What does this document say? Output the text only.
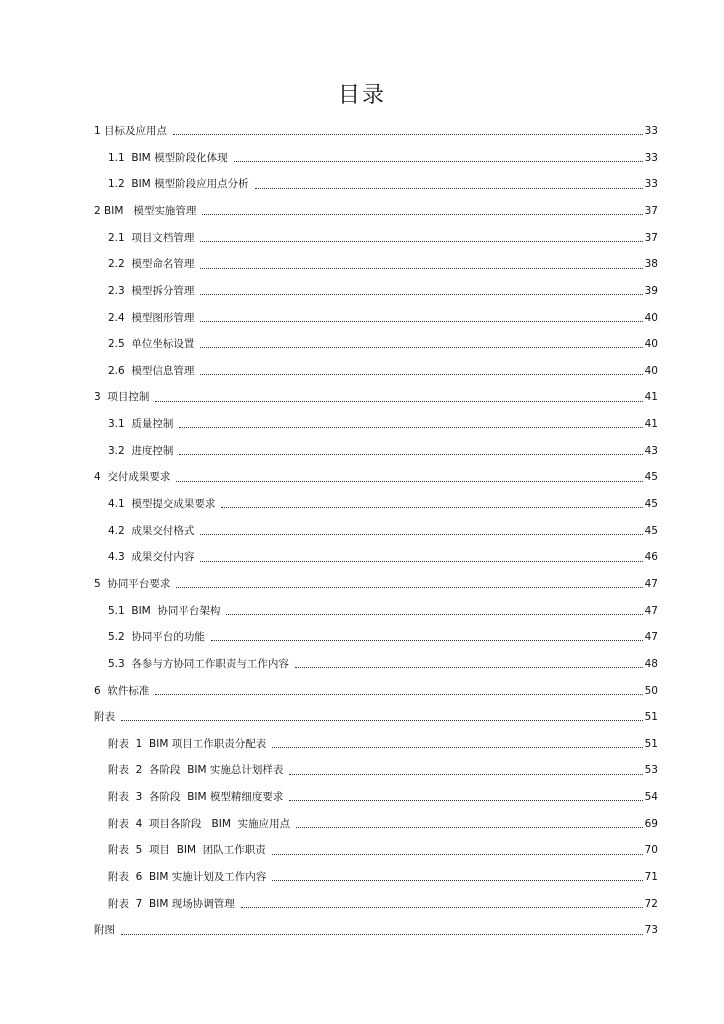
目录
1 目标及应用点	33
1.1  BIM 模型阶段化体现	33
1.2  BIM 模型阶段应用点分析	33
2 BIM   模型实施管理	37
2.1  项目文档管理	37
2.2  模型命名管理	38
2.3  模型拆分管理	39
2.4  模型图形管理	40
2.5  单位坐标设置	40
2.6  模型信息管理	40
3  项目控制	41
3.1  质量控制	41
3.2  进度控制	43
4  交付成果要求	45
4.1  模型提交成果要求	45
4.2  成果交付格式	45
4.3  成果交付内容	46
5  协同平台要求	47
5.1  BIM  协同平台架构	47
5.2  协同平台的功能	47
5.3  各参与方协同工作职责与工作内容	48
6  软件标准	50
附表	51
附表  1  BIM 项目工作职责分配表	51
附表  2  各阶段  BIM 实施总计划样表	53
附表  3  各阶段  BIM 模型精细度要求	54
附表  4  项目各阶段   BIM  实施应用点	69
附表  5  项目  BIM  团队工作职责	70
附表  6  BIM 实施计划及工作内容	71
附表  7  BIM 现场协调管理	72
附图	73
